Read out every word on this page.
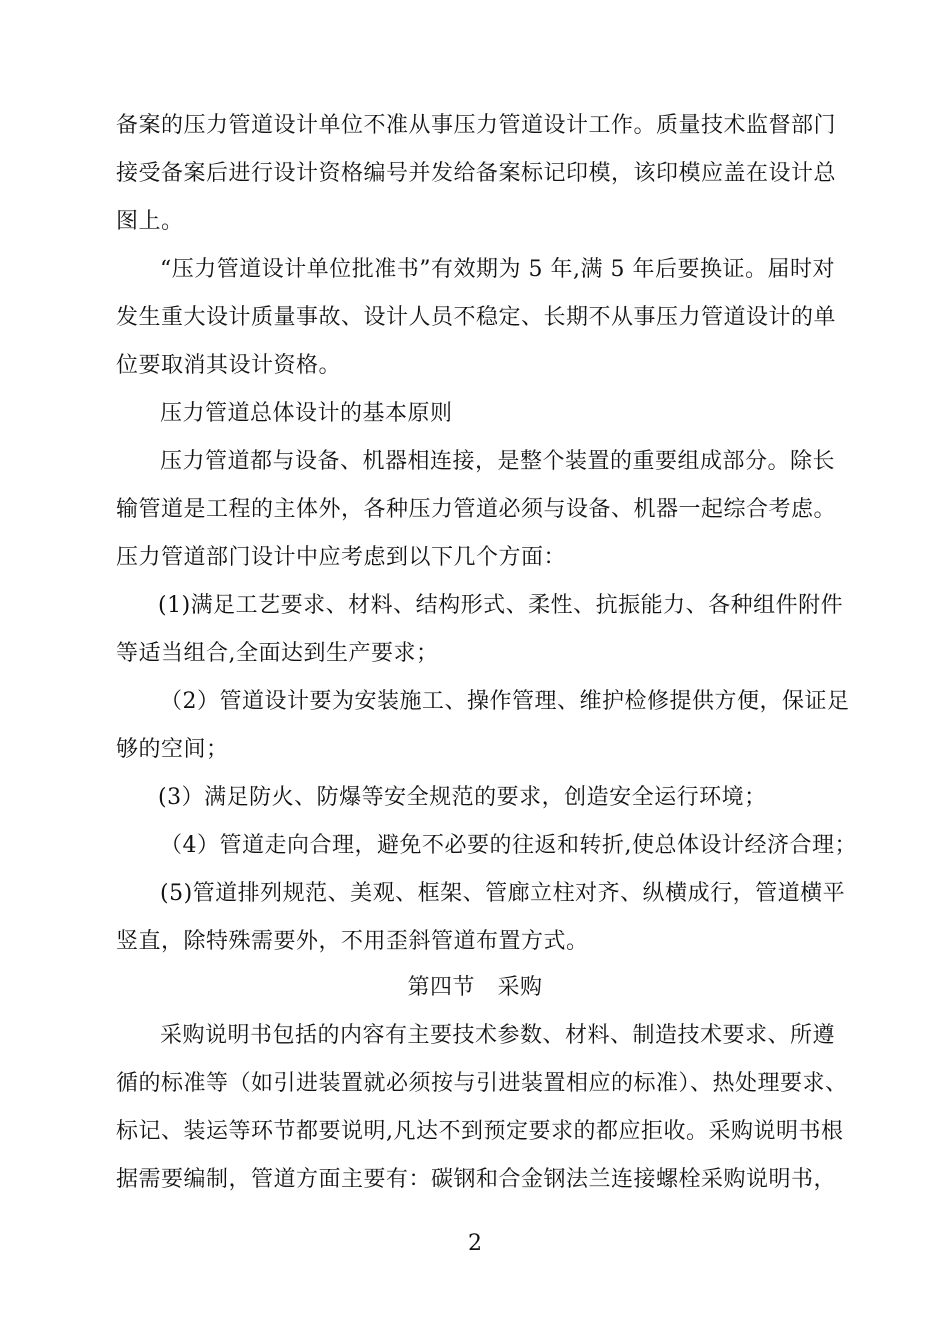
备案的压力管道设计单位不准从事压力管道设计工作。质量技术监督部门
接受备案后进行设计资格编号并发给备案标记印模，该印模应盖在设计总
图上。
“压力管道设计单位批准书”有效期为 5 年,满 5 年后要换证。届时对
发生重大设计质量事故、设计人员不稳定、长期不从事压力管道设计的单
位要取消其设计资格。
压力管道总体设计的基本原则
压力管道都与设备、机器相连接，是整个装置的重要组成部分。除长
输管道是工程的主体外，各种压力管道必须与设备、机器一起综合考虑。
压力管道部门设计中应考虑到以下几个方面：
(1)满足工艺要求、材料、结构形式、柔性、抗振能力、各种组件附件
等适当组合,全面达到生产要求；
（2）管道设计要为安装施工、操作管理、维护检修提供方便，保证足
够的空间；
(3）满足防火、防爆等安全规范的要求，创造安全运行环境；
（4）管道走向合理，避免不必要的往返和转折,使总体设计经济合理；
(5)管道排列规范、美观、框架、管廊立柱对齐、纵横成行，管道横平
竖直，除特殊需要外，不用歪斜管道布置方式。
第四节　采购
采购说明书包括的内容有主要技术参数、材料、制造技术要求、所遵
循的标准等（如引进装置就必须按与引进装置相应的标准）、热处理要求、
标记、装运等环节都要说明,凡达不到预定要求的都应拒收。采购说明书根
据需要编制，管道方面主要有：碳钢和合金钢法兰连接螺栓采购说明书，
2
